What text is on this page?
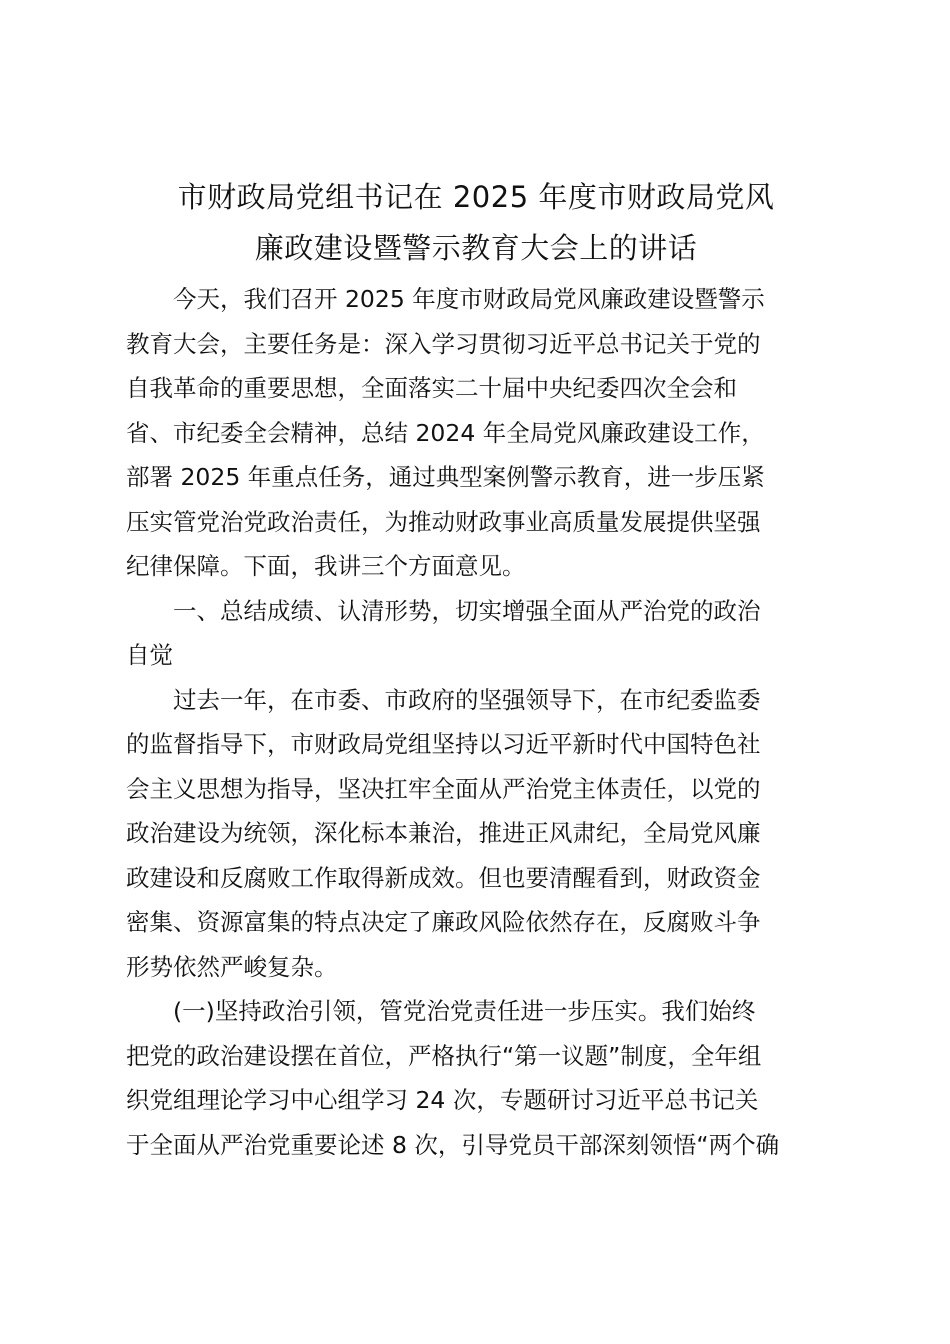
市财政局党组书记在 2025 年度市财政局党风
廉政建设暨警示教育大会上的讲话
今天，我们召开 2025 年度市财政局党风廉政建设暨警示
教育大会，主要任务是：深入学习贯彻习近平总书记关于党的
自我革命的重要思想，全面落实二十届中央纪委四次全会和
省、市纪委全会精神，总结 2024 年全局党风廉政建设工作，
部署 2025 年重点任务，通过典型案例警示教育，进一步压紧
压实管党治党政治责任，为推动财政事业高质量发展提供坚强
纪律保障。下面，我讲三个方面意见。
一、总结成绩、认清形势，切实增强全面从严治党的政治
自觉
过去一年，在市委、市政府的坚强领导下，在市纪委监委
的监督指导下，市财政局党组坚持以习近平新时代中国特色社
会主义思想为指导，坚决扛牢全面从严治党主体责任，以党的
政治建设为统领，深化标本兼治，推进正风肃纪，全局党风廉
政建设和反腐败工作取得新成效。但也要清醒看到，财政资金
密集、资源富集的特点决定了廉政风险依然存在，反腐败斗争
形势依然严峻复杂。
(一)坚持政治引领，管党治党责任进一步压实。我们始终
把党的政治建设摆在首位，严格执行“第一议题”制度，全年组
织党组理论学习中心组学习 24 次，专题研讨习近平总书记关
于全面从严治党重要论述 8 次，引导党员干部深刻领悟“两个确
